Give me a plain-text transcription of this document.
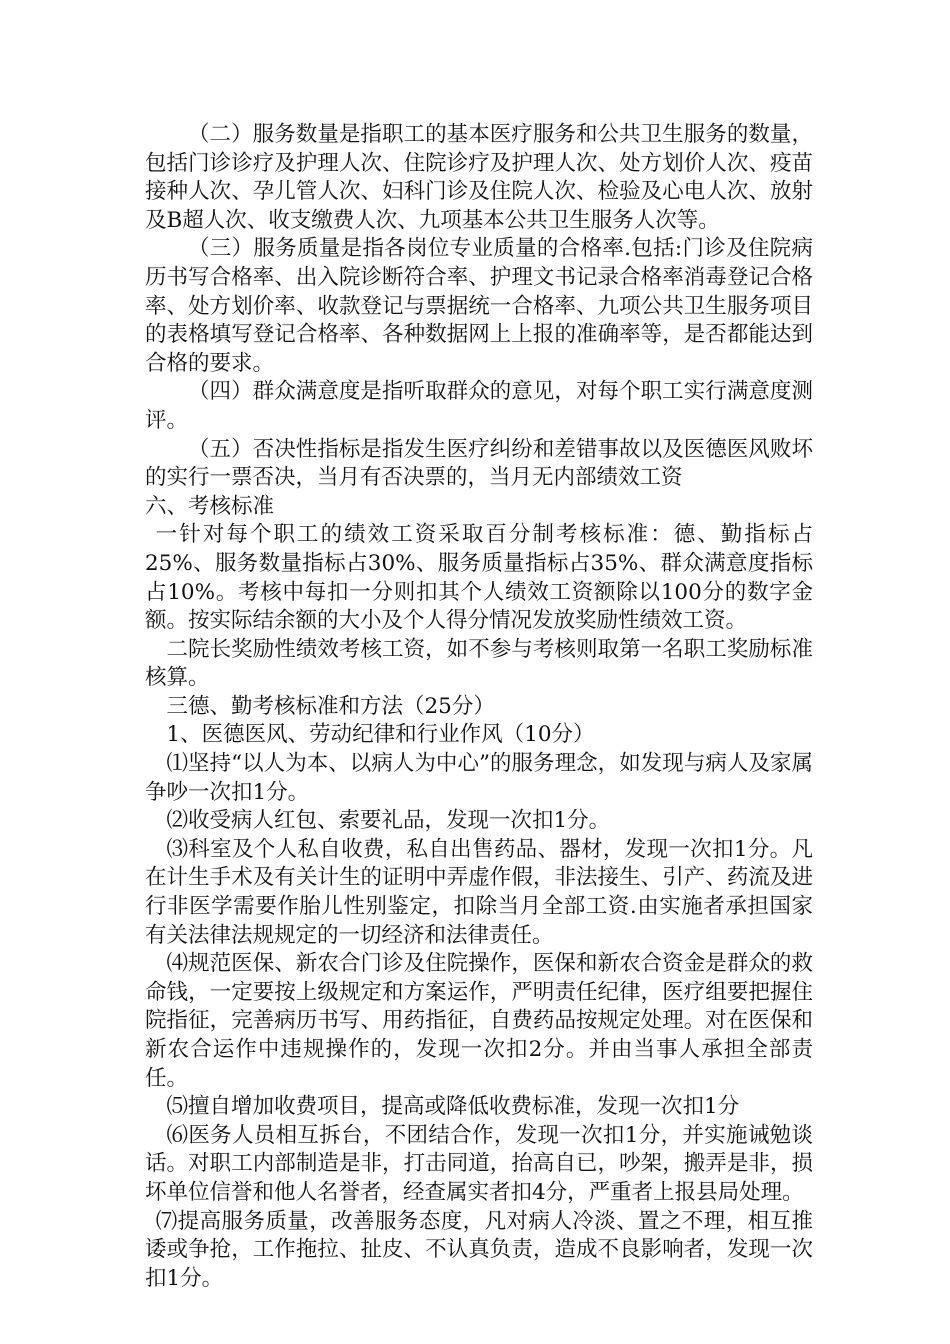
（二）服务数量是指职工的基本医疗服务和公共卫生服务的数量，包括门诊诊疗及护理人次、住院诊疗及护理人次、处方划价人次、疫苗接种人次、孕儿管人次、妇科门诊及住院人次、检验及心电人次、放射及B超人次、收支缴费人次、九项基本公共卫生服务人次等。

（三）服务质量是指各岗位专业质量的合格率.包括:门诊及住院病历书写合格率、出入院诊断符合率、护理文书记录合格率消毒登记合格率、处方划价率、收款登记与票据统一合格率、九项公共卫生服务项目的表格填写登记合格率、各种数据网上上报的准确率等，是否都能达到合格的要求。

（四）群众满意度是指听取群众的意见，对每个职工实行满意度测评。

（五）否决性指标是指发生医疗纠纷和差错事故以及医德医风败坏的实行一票否决，当月有否决票的，当月无内部绩效工资

六、考核标准

一针对每个职工的绩效工资采取百分制考核标准：德、勤指标占25%、服务数量指标占30%、服务质量指标占35%、群众满意度指标占10%。考核中每扣一分则扣其个人绩效工资额除以100分的数字金额。按实际结余额的大小及个人得分情况发放奖励性绩效工资。

二院长奖励性绩效考核工资，如不参与考核则取第一名职工奖励标准核算。

三德、勤考核标准和方法（25分）

1、医德医风、劳动纪律和行业作风（10分）

⑴坚持“以人为本、以病人为中心”的服务理念，如发现与病人及家属争吵一次扣1分。

⑵收受病人红包、索要礼品，发现一次扣1分。

⑶科室及个人私自收费，私自出售药品、器材，发现一次扣1分。凡在计生手术及有关计生的证明中弄虚作假，非法接生、引产、药流及进行非医学需要作胎儿性别鉴定，扣除当月全部工资.由实施者承担国家有关法律法规规定的一切经济和法律责任。

⑷规范医保、新农合门诊及住院操作，医保和新农合资金是群众的救命钱，一定要按上级规定和方案运作，严明责任纪律，医疗组要把握住院指征，完善病历书写、用药指征，自费药品按规定处理。对在医保和新农合运作中违规操作的，发现一次扣2分。并由当事人承担全部责任。

⑸擅自增加收费项目，提高或降低收费标准，发现一次扣1分

⑹医务人员相互拆台，不团结合作，发现一次扣1分，并实施诫勉谈话。对职工内部制造是非，打击同道，抬高自已，吵架，搬弄是非，损坏单位信誉和他人名誉者，经查属实者扣4分，严重者上报县局处理。

⑺提高服务质量，改善服务态度，凡对病人冷淡、置之不理，相互推诿或争抢，工作拖拉、扯皮、不认真负责，造成不良影响者，发现一次扣1分。
